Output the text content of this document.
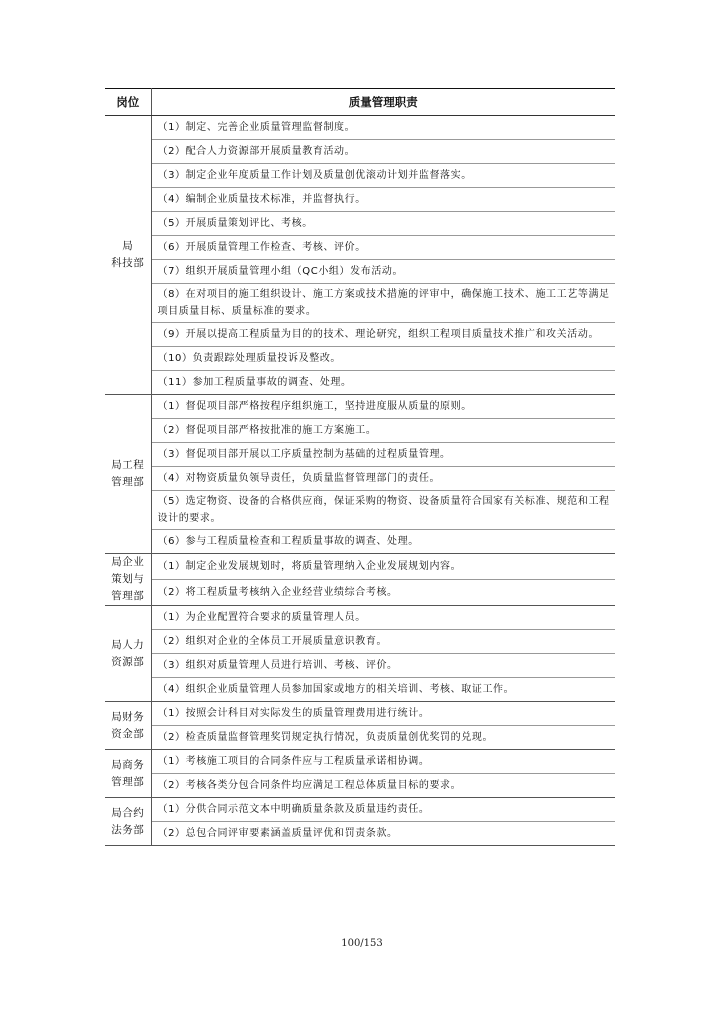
岗位	质量管理职责
局
科技部	（1）制定、完善企业质量管理监督制度。
	（2）配合人力资源部开展质量教育活动。
	（3）制定企业年度质量工作计划及质量创优滚动计划并监督落实。
	（4）编制企业质量技术标准，并监督执行。
	（5）开展质量策划评比、考核。
	（6）开展质量管理工作检查、考核、评价。
	（7）组织开展质量管理小组（QC小组）发布活动。
	（8）在对项目的施工组织设计、施工方案或技术措施的评审中，确保施工技术、施工工艺等满足项目质量目标、质量标准的要求。
	（9）开展以提高工程质量为目的的技术、理论研究，组织工程项目质量技术推广和攻关活动。
	（10）负责跟踪处理质量投诉及整改。
	（11）参加工程质量事故的调查、处理。
局工程
管理部	（1）督促项目部严格按程序组织施工，坚持进度服从质量的原则。
	（2）督促项目部严格按批准的施工方案施工。
	（3）督促项目部开展以工序质量控制为基础的过程质量管理。
	（4）对物资质量负领导责任，负质量监督管理部门的责任。
	（5）选定物资、设备的合格供应商，保证采购的物资、设备质量符合国家有关标准、规范和工程设计的要求。
	（6）参与工程质量检查和工程质量事故的调查、处理。
局企业
策划与
管理部	（1）制定企业发展规划时，将质量管理纳入企业发展规划内容。
	（2）将工程质量考核纳入企业经营业绩综合考核。
局人力
资源部	（1）为企业配置符合要求的质量管理人员。
	（2）组织对企业的全体员工开展质量意识教育。
	（3）组织对质量管理人员进行培训、考核、评价。
	（4）组织企业质量管理人员参加国家或地方的相关培训、考核、取证工作。
局财务
资金部	（1）按照会计科目对实际发生的质量管理费用进行统计。
	（2）检查质量监督管理奖罚规定执行情况，负责质量创优奖罚的兑现。
局商务
管理部	（1）考核施工项目的合同条件应与工程质量承诺相协调。
	（2）考核各类分包合同条件均应满足工程总体质量目标的要求。
局合约
法务部	（1）分供合同示范文本中明确质量条款及质量违约责任。
	（2）总包合同评审要素涵盖质量评优和罚责条款。
100/153
